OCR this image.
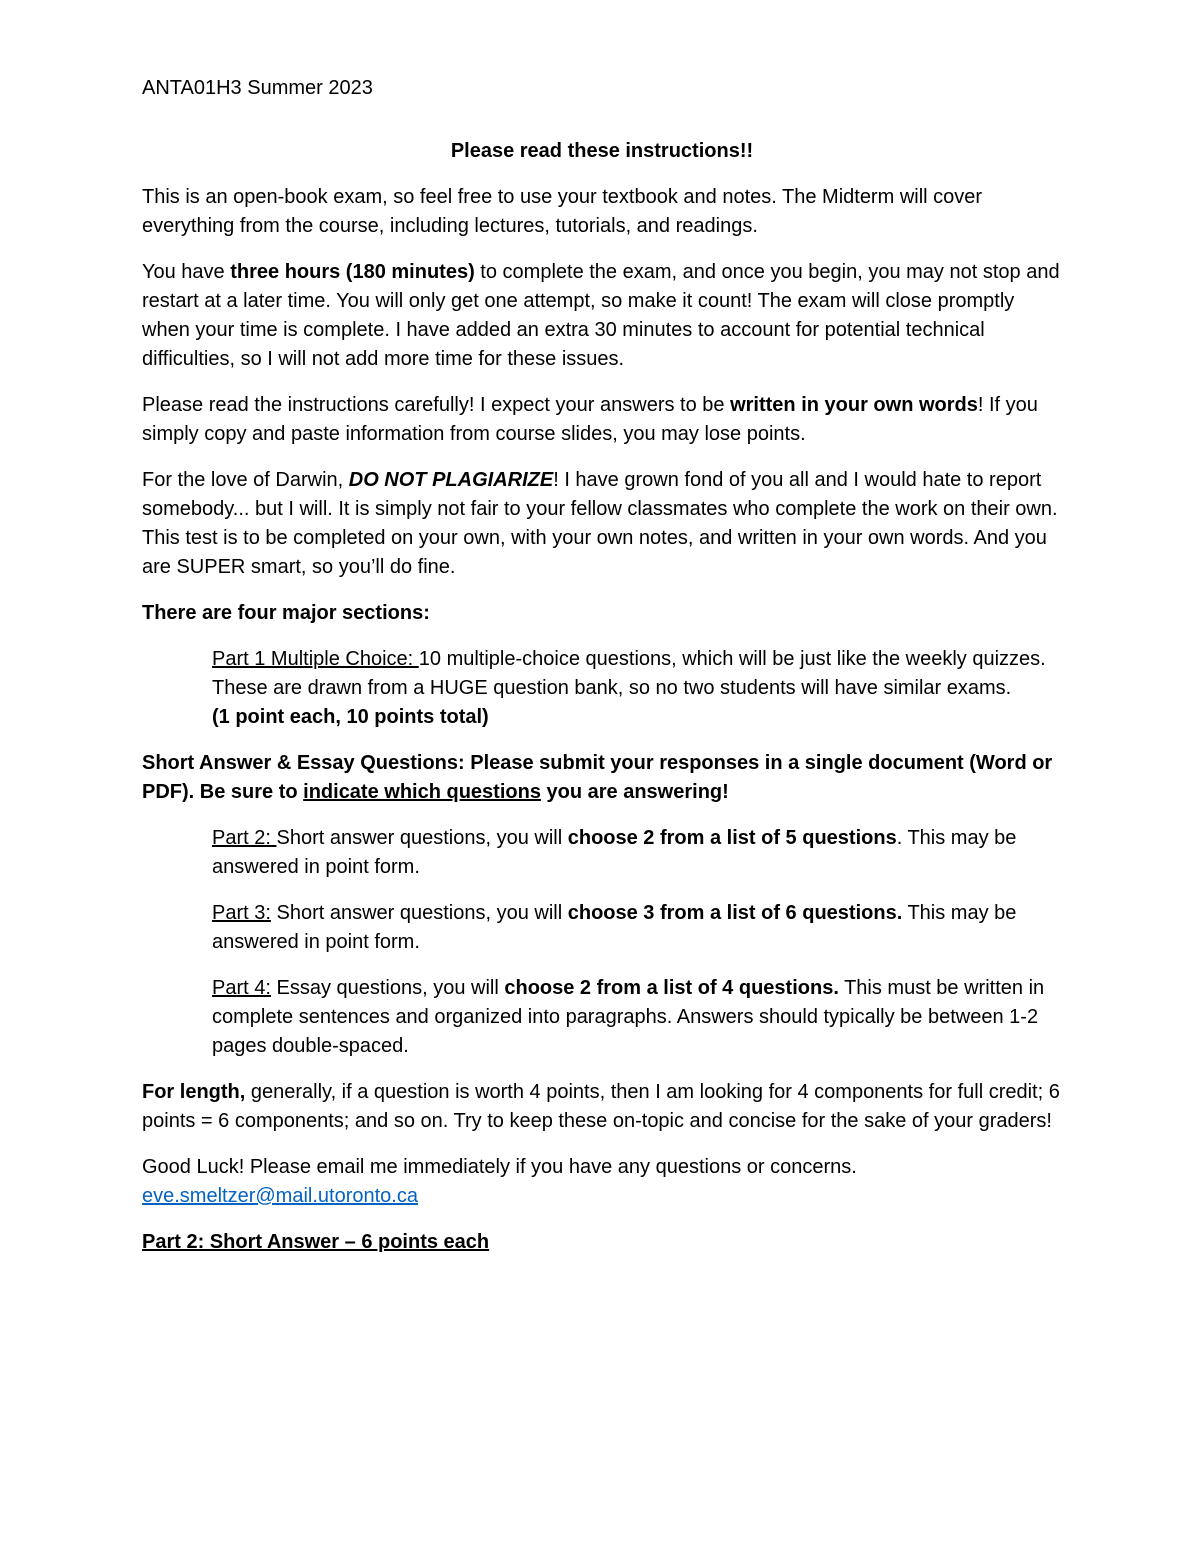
ANTA01H3 Summer 2023

Please read these instructions!!

This is an open-book exam, so feel free to use your textbook and notes. The Midterm will cover everything from the course, including lectures, tutorials, and readings.

You have three hours (180 minutes) to complete the exam, and once you begin, you may not stop and restart at a later time. You will only get one attempt, so make it count! The exam will close promptly when your time is complete. I have added an extra 30 minutes to account for potential technical difficulties, so I will not add more time for these issues.

Please read the instructions carefully! I expect your answers to be written in your own words! If you simply copy and paste information from course slides, you may lose points.

For the love of Darwin, DO NOT PLAGIARIZE! I have grown fond of you all and I would hate to report somebody... but I will. It is simply not fair to your fellow classmates who complete the work on their own. This test is to be completed on your own, with your own notes, and written in your own words. And you are SUPER smart, so you’ll do fine.

There are four major sections:

Part 1 Multiple Choice: 10 multiple-choice questions, which will be just like the weekly quizzes. These are drawn from a HUGE question bank, so no two students will have similar exams.
(1 point each, 10 points total)

Short Answer & Essay Questions: Please submit your responses in a single document (Word or PDF). Be sure to indicate which questions you are answering!

Part 2: Short answer questions, you will choose 2 from a list of 5 questions. This may be answered in point form.

Part 3: Short answer questions, you will choose 3 from a list of 6 questions. This may be answered in point form.

Part 4: Essay questions, you will choose 2 from a list of 4 questions. This must be written in complete sentences and organized into paragraphs. Answers should typically be between 1-2 pages double-spaced.

For length, generally, if a question is worth 4 points, then I am looking for 4 components for full credit; 6 points = 6 components; and so on. Try to keep these on-topic and concise for the sake of your graders!

Good Luck! Please email me immediately if you have any questions or concerns. eve.smeltzer@mail.utoronto.ca

Part 2: Short Answer – 6 points each
